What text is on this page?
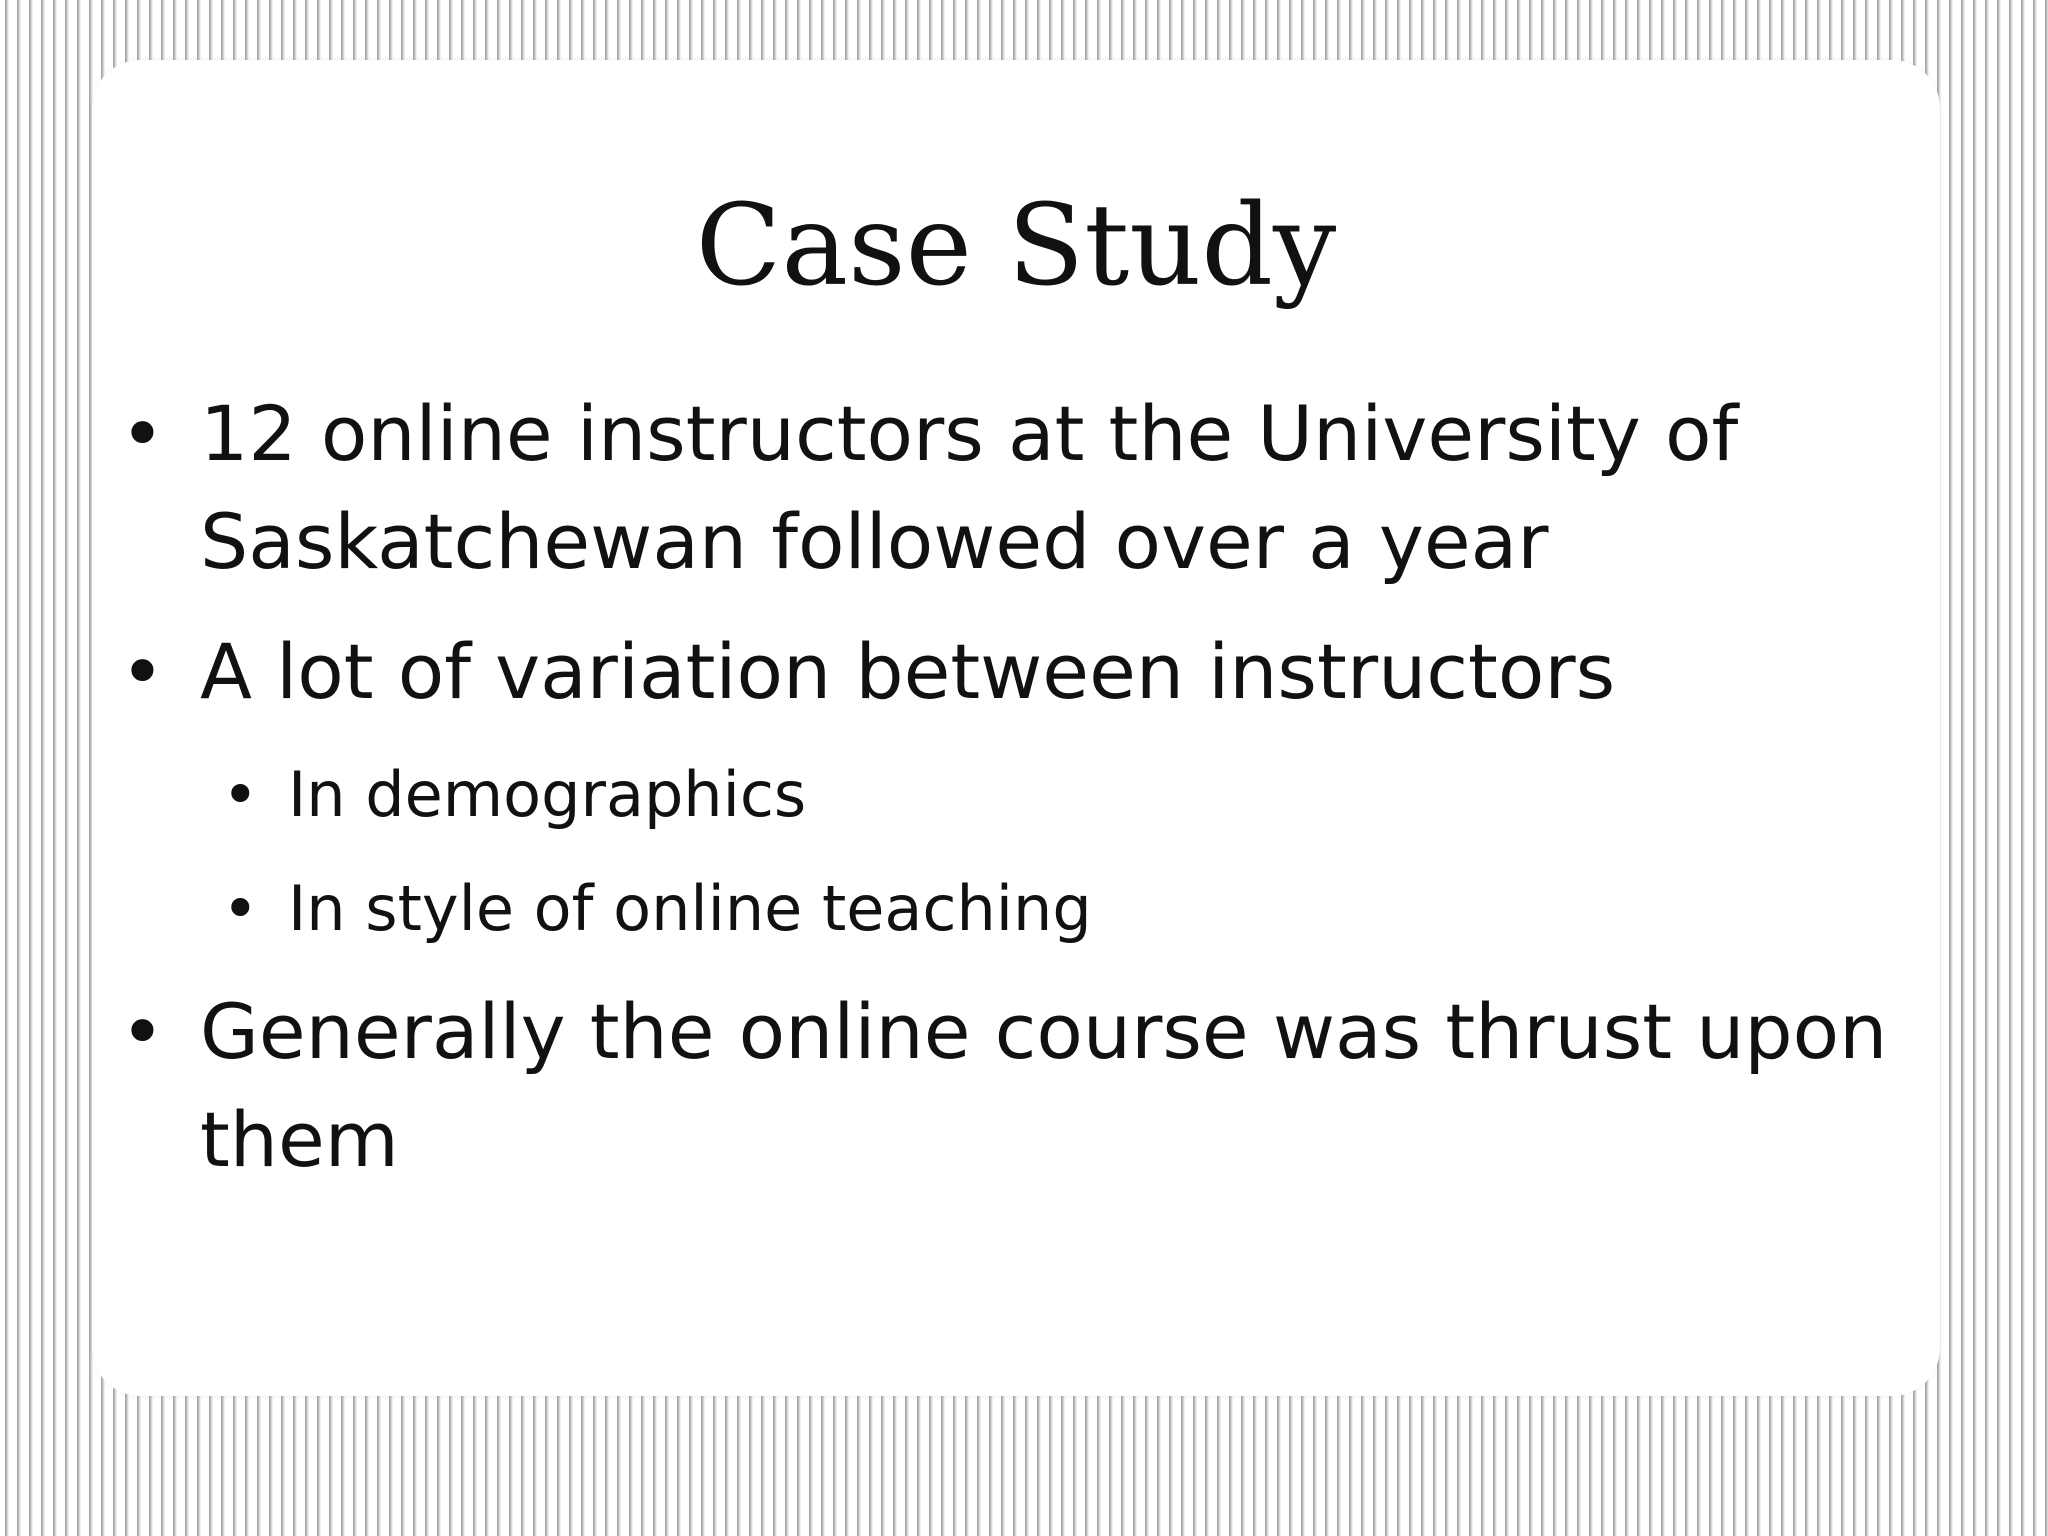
Case Study
• 12 online instructors at the University of Saskatchewan followed over a year
• A lot of variation between instructors
• In demographics
• In style of online teaching
• Generally the online course was thrust upon them
